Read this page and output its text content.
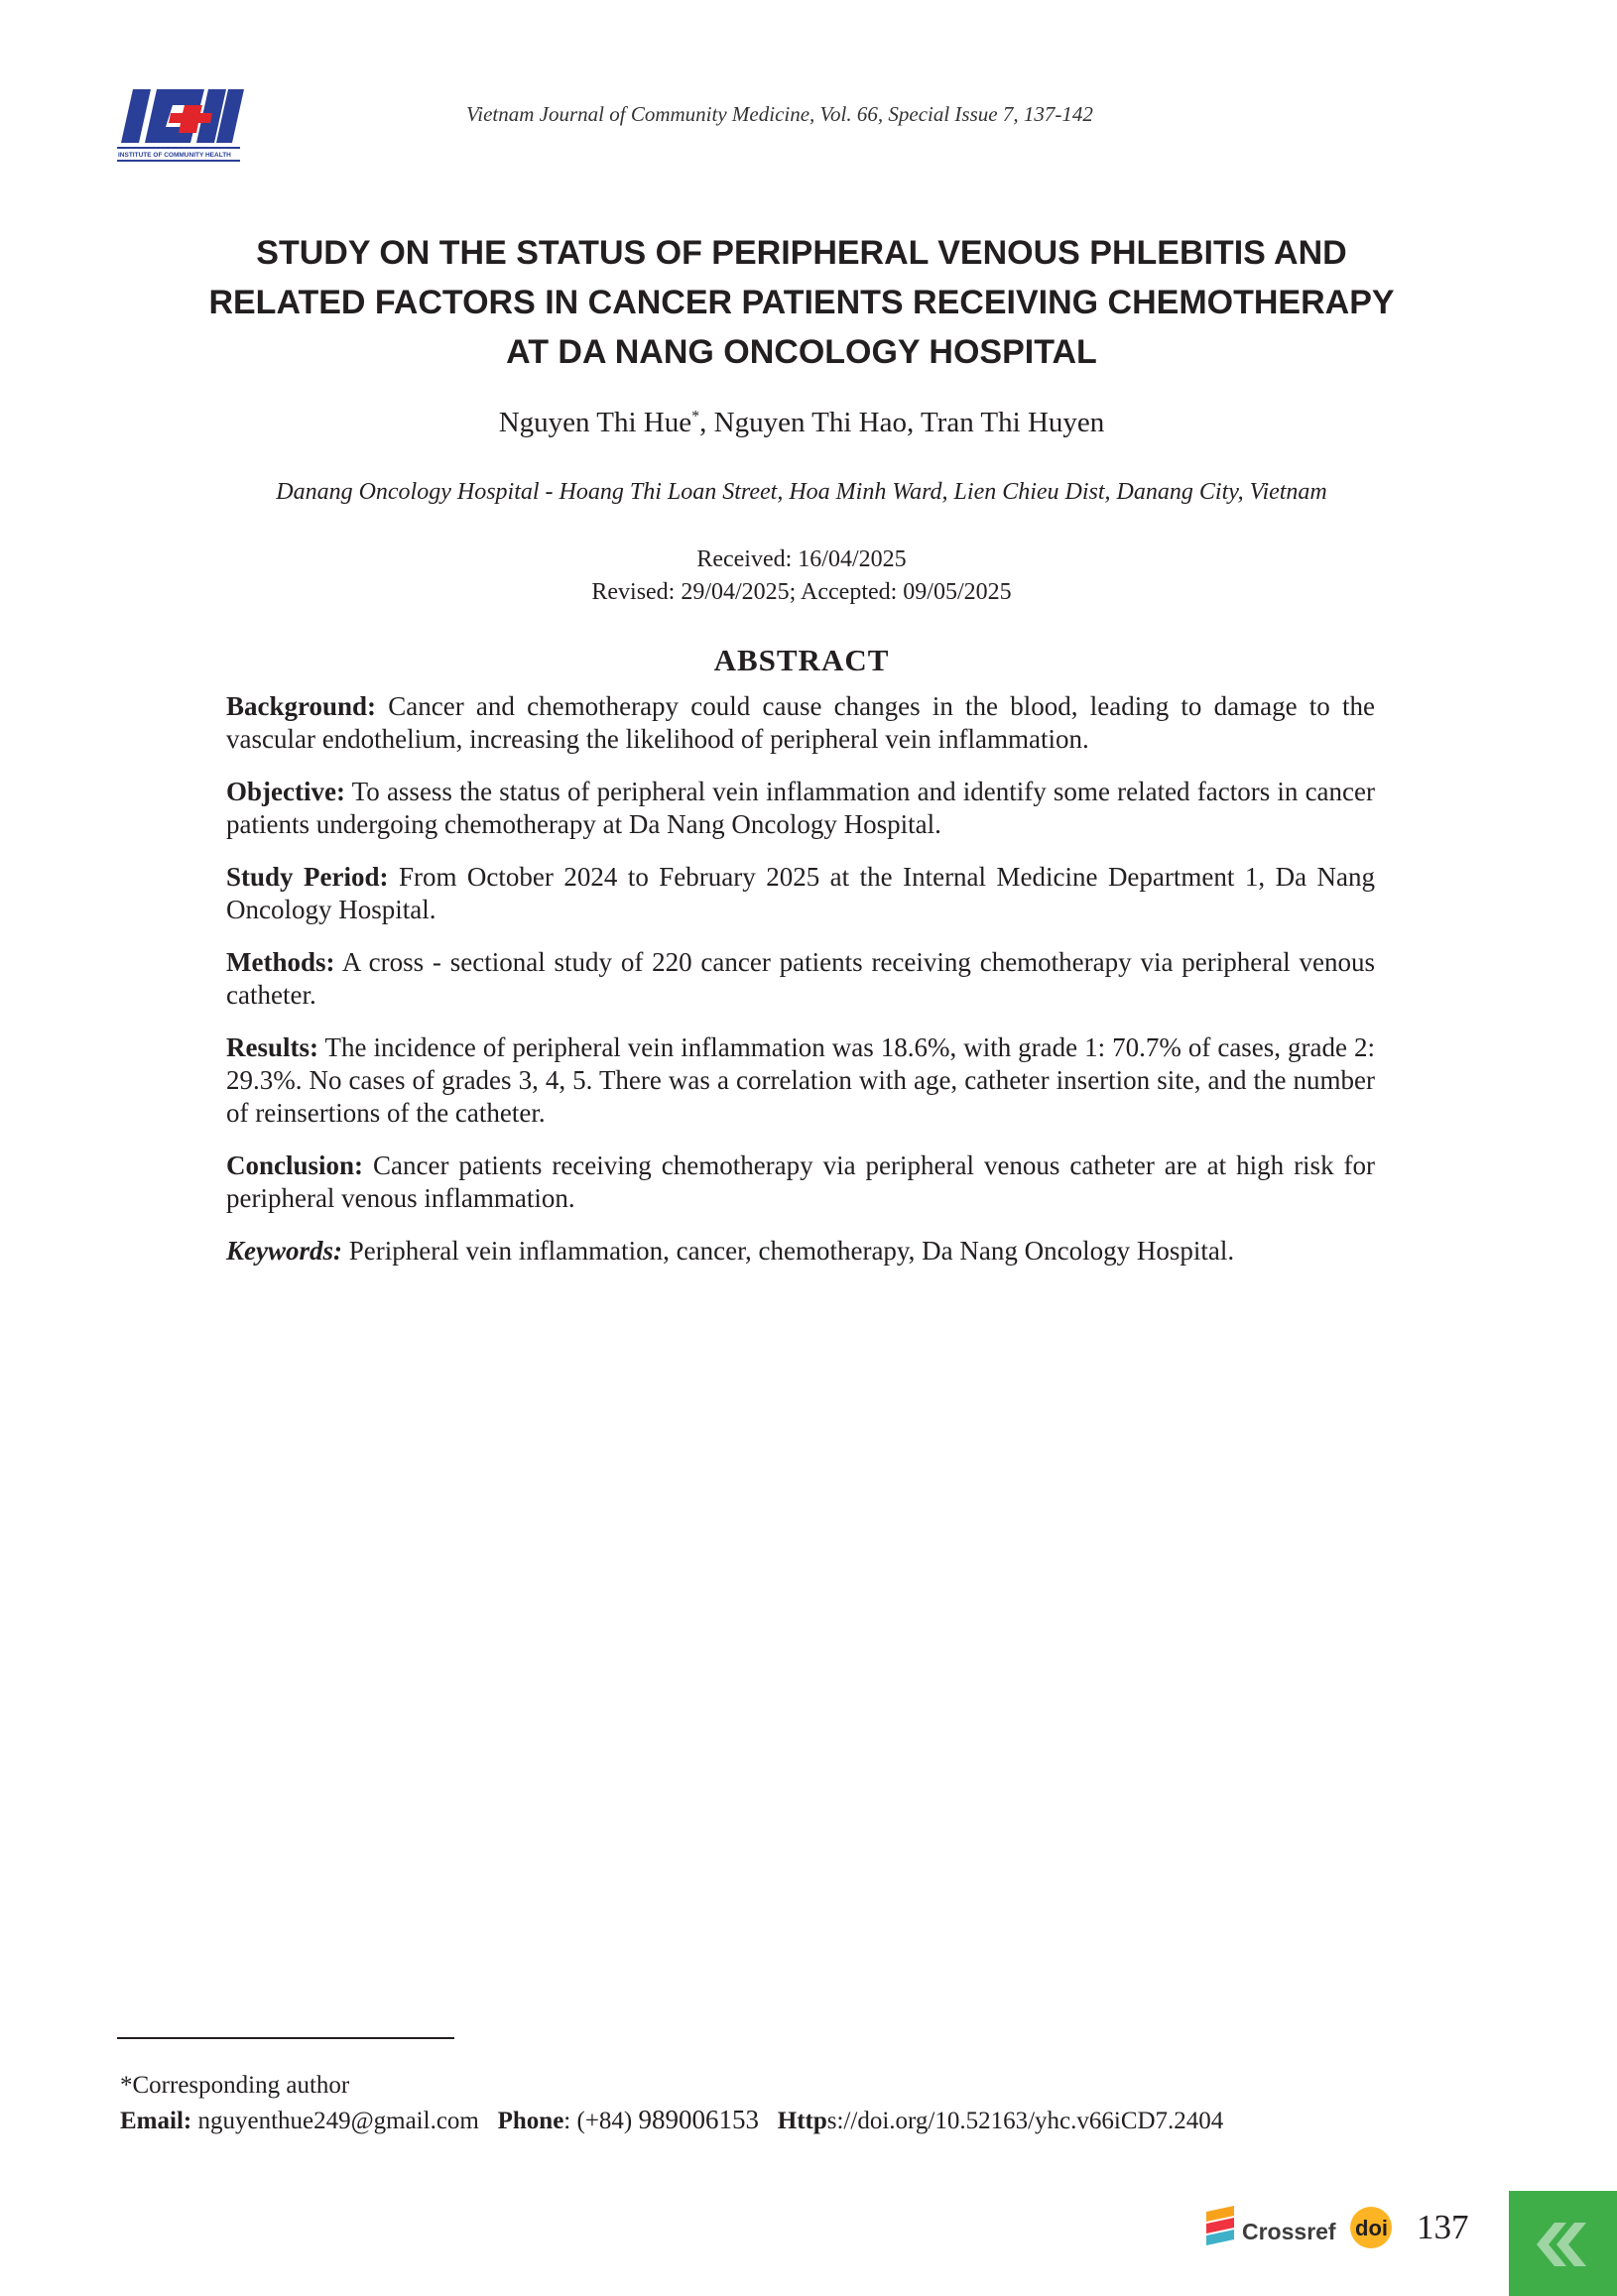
INSTITUTE OF COMMUNITY HEALTH
Vietnam Journal of Community Medicine, Vol. 66, Special Issue 7, 137-142
STUDY ON THE STATUS OF PERIPHERAL VENOUS PHLEBITIS AND
RELATED FACTORS IN CANCER PATIENTS RECEIVING CHEMOTHERAPY
AT DA NANG ONCOLOGY HOSPITAL
Nguyen Thi Hue*, Nguyen Thi Hao, Tran Thi Huyen
Danang Oncology Hospital - Hoang Thi Loan Street, Hoa Minh Ward, Lien Chieu Dist, Danang City, Vietnam
Received: 16/04/2025
Revised: 29/04/2025; Accepted: 09/05/2025
ABSTRACT

Background: Cancer and chemotherapy could cause changes in the blood, leading to damage to the vascular endothelium, increasing the likelihood of peripheral vein inflammation.

Objective: To assess the status of peripheral vein inflammation and identify some related factors in cancer patients undergoing chemotherapy at Da Nang Oncology Hospital.

Study Period: From October 2024 to February 2025 at the Internal Medicine Department 1, Da Nang Oncology Hospital.

Methods: A cross - sectional study of 220 cancer patients receiving chemotherapy via peripheral venous catheter.

Results: The incidence of peripheral vein inflammation was 18.6%, with grade 1: 70.7% of cases, grade 2: 29.3%. No cases of grades 3, 4, 5. There was a correlation with age, catheter insertion site, and the number of reinsertions of the catheter.

Conclusion: Cancer patients receiving chemotherapy via peripheral venous catheter are at high risk for peripheral venous inflammation.

Keywords: Peripheral vein inflammation, cancer, chemotherapy, Da Nang Oncology Hospital.

*Corresponding author
Email: nguyenthue249@gmail.com Phone: (+84) 989006153 Https://doi.org/10.52163/yhc.v66iCD7.2404
Crossref doi 137
